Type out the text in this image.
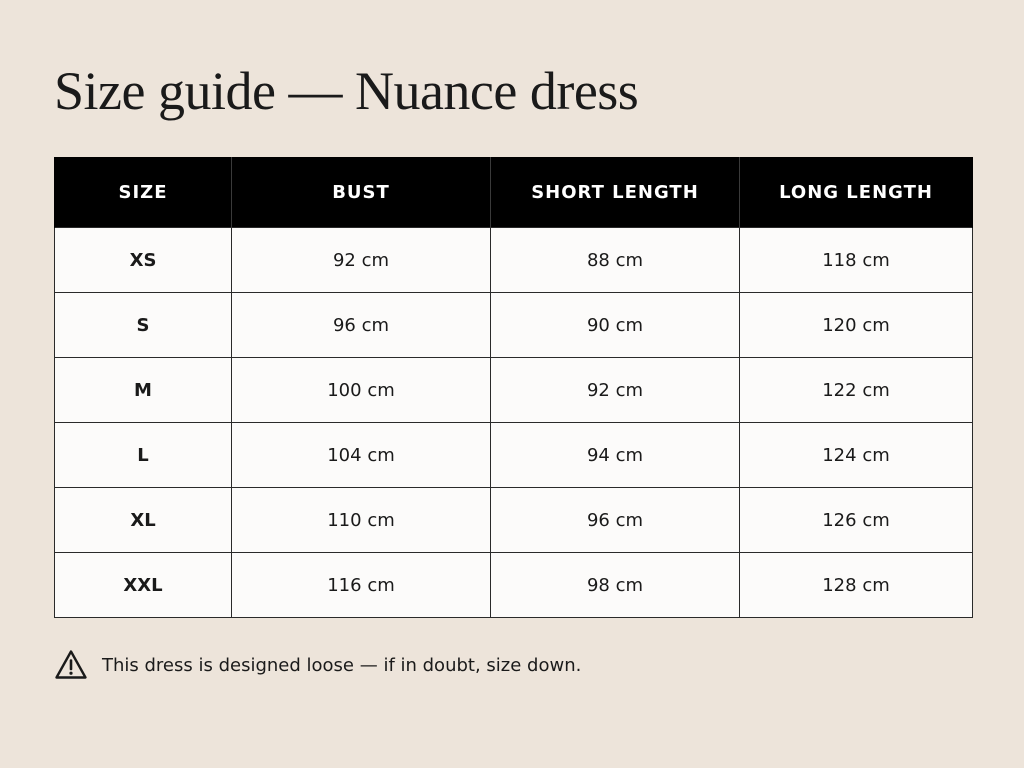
Size guide — Nuance dress
SIZE	BUST	SHORT LENGTH	LONG LENGTH
XS	92 cm	88 cm	118 cm
S	96 cm	90 cm	120 cm
M	100 cm	92 cm	122 cm
L	104 cm	94 cm	124 cm
XL	110 cm	96 cm	126 cm
XXL	116 cm	98 cm	128 cm
This dress is designed loose — if in doubt, size down.
